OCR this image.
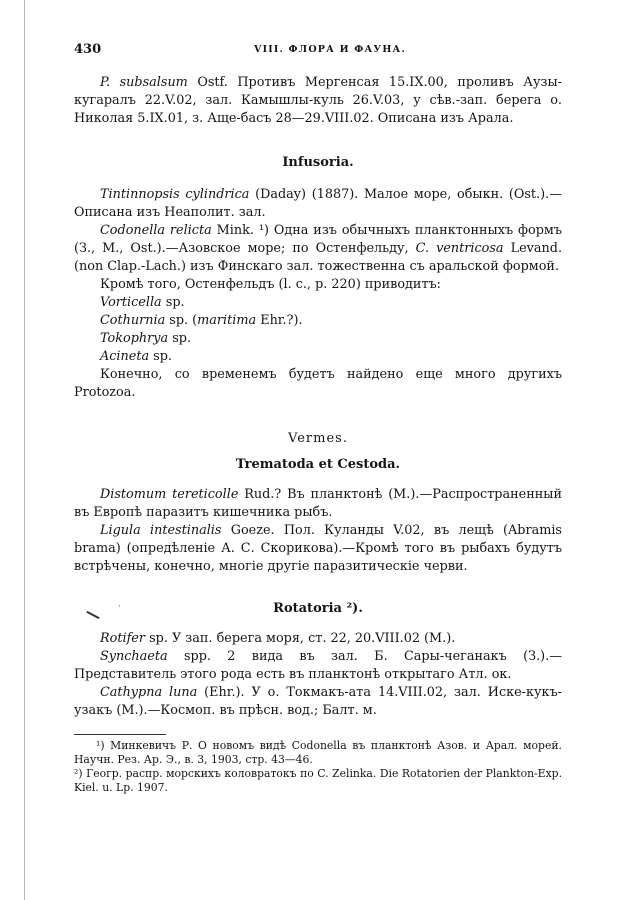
430	VIII. ФЛОРА И ФАУНА.

P. subsalsum Ostf. Противъ Мергенсая 15.IX.00, проливъ Аузы-кугаралъ 22.V.02, зал. Камышлы-куль 26.V.03, у сѣв.-зап. берега о. Николая 5.IX.01, з. Аще-басъ 28—29.VIII.02. Описана изъ Арала.

Infusoria.

Tintinnopsis cylindrica (Daday) (1887). Малое море, обыкн. (Ost.).—Описана изъ Неаполит. зал.

Codonella relicta Mink. ¹) Одна изъ обычныхъ планктонныхъ формъ (З., М., Ost.).—Азовское море; по Остенфельду, C. ventricosa Levand. (non Clap.-Lach.) изъ Финскаго зал. тожественна съ аральской формой.

Кромѣ того, Остенфельдъ (l. c., p. 220) приводитъ:

Vorticella sp.

Cothurnia sp. (maritima Ehr.?).

Tokophrya sp.

Acineta sp.

Конечно, со временемъ будетъ найдено еще много другихъ Protozoa.

Vermes.

Trematoda et Cestoda.

Distomum tereticolle Rud.? Въ планктонѣ (М.).—Распространенный въ Европѣ паразитъ кишечника рыбъ.

Ligula intestinalis Goeze. Пол. Куланды V.02, въ лещѣ (Abramis brama) (опредѣленіе А. С. Скорикова).—Кромѣ того въ рыбахъ будутъ встрѣчены, конечно, многіе другіе паразитическіе черви.

·	Rotatoria ²).

Rotifer sp. У зап. берега моря, ст. 22, 20.VIII.02 (М.).

Synchaeta spp. 2 вида въ зал. Б. Сары-чеганакъ (З.).—Представитель этого рода есть въ планктонѣ открытаго Атл. ок.

Cathypna luna (Ehr.). У о. Токмакъ-ата 14.VIII.02, зал. Иске-кукъ-узакъ (М.).—Космоп. въ прѣсн. вод.; Балт. м.

¹) Минкевичъ Р. О новомъ видѣ Codonella въ планктонѣ Азов. и Арал. морей. Научн. Рез. Ар. Э., в. 3, 1903, стр. 43—46.

²) Геогр. распр. морскихъ коловратокъ по C. Zelinka. Die Rotatorien der Plankton-Exp. Kiel. u. Lp. 1907.
